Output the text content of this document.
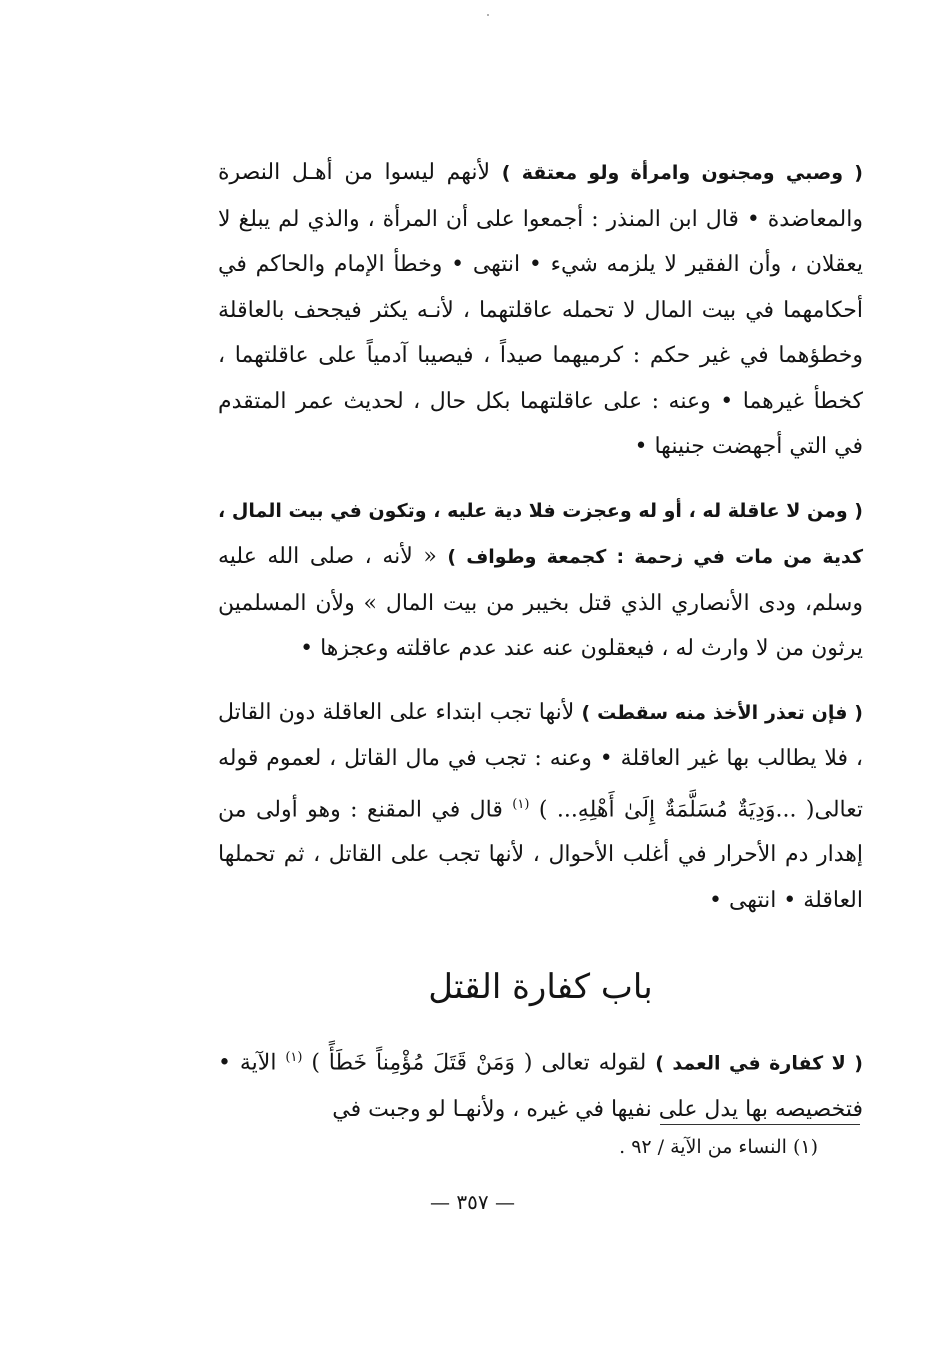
( وصبي ومجنون وامرأة ولو معتقة ) لأنهم ليسوا من أهـل النصرة والمعاضدة • قال ابن المنذر : أجمعوا على أن المرأة ، والذي لم يبلغ لا يعقلان ، وأن الفقير لا يلزمه شيء • انتهى • وخطأ الإمام والحاكم في أحكامهما في بيت المال لا تحمله عاقلتهما ، لأنـه يكثر فيجحف بالعاقلة وخطؤهما في غير حكم : كرميهما صيداً ، فيصيبا آدمياً على عاقلتهما ، كخطأ غيرهما • وعنه : على عاقلتهما بكل حال ، لحديث عمر المتقدم في التي أجهضت جنينها •

( ومن لا عاقلة له ، أو له وعجزت فلا دية عليه ، وتكون في بيت المال ، كدية من مات في زحمة : كجمعة وطواف ) « لأنه ، صلى الله عليه وسلم، ودى الأنصاري الذي قتل بخيبر من بيت المال » ولأن المسلمين يرثون من لا وارث له ، فيعقلون عنه عند عدم عاقلته وعجزها •

( فإن تعذر الأخذ منه سقطت ) لأنها تجب ابتداء على العاقلة دون القاتل ، فلا يطالب بها غير العاقلة • وعنه : تجب في مال القاتل ، لعموم قوله تعالى( ...وَدِيَةٌ مُسَلَّمَةٌ إِلَىٰ أَهْلِهِ... ) $^{(١)}$ قال في المقنع : وهو أولى من إهدار دم الأحرار في أغلب الأحوال ، لأنها تجب على القاتل ، ثم تحملها العاقلة • انتهى •

باب كفارة القتل

( لا كفارة في العمد ) لقوله تعالى ( وَمَنْ قَتَلَ مُؤْمِناً خَطَأً ) $^{(١)}$ الآية • فتخصيصه بها يدل على نفيها في غيره ، ولأنهـا لو وجبت في

(١) النساء من الآية / ٩٢ .
— ٣٥٧ —
